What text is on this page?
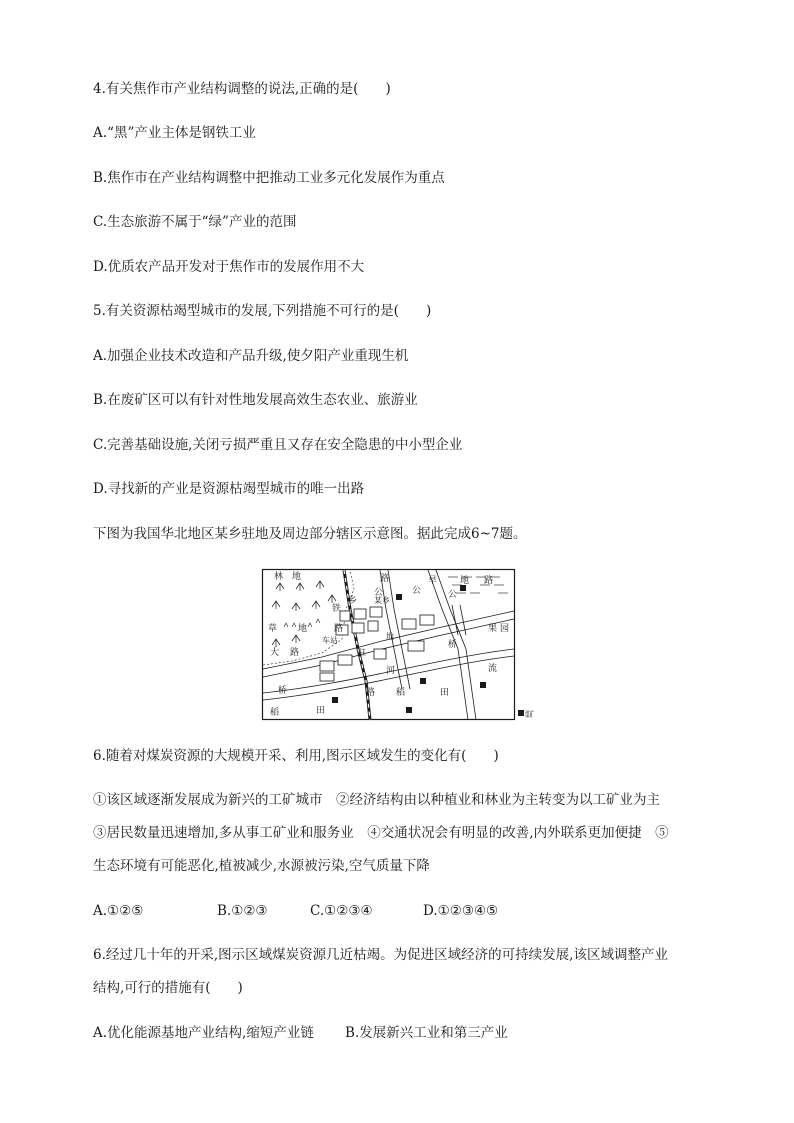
4.有关焦作市产业结构调整的说法,正确的是(　　)
A.“黑”产业主体是钢铁工业
B.焦作市在产业结构调整中把推动工业多元化发展作为重点
C.生态旅游不属于“绿”产业的范围
D.优质农产品开发对于焦作市的发展作用不大
5.有关资源枯竭型城市的发展,下列措施不可行的是(　　)
A.加强企业技术改造和产品升级,使夕阳产业重现生机
B.在废矿区可以有针对性地发展高效生态农业、旅游业
C.完善基础设施,关闭亏损严重且又存在安全隐患的中小型企业
D.寻找新的产业是资源枯竭型城市的唯一出路
下图为我国华北地区某乡驻地及周边部分辖区示意图。据此完成6~7题。
林　地
草 地
铁
路
车站
大 路
乡 某乡
路
公	公
旱	地
公
路
果 园
桥
桥
河	流
稻	田
路 稻	田
驻
地
煤矿
6.随着对煤炭资源的大规模开采、利用,图示区域发生的变化有(　　)
①该区域逐渐发展成为新兴的工矿城市　②经济结构由以种植业和林业为主转变为以工矿业为主
③居民数量迅速增加,多从事工矿业和服务业　④交通状况会有明显的改善,内外联系更加便捷　⑤
生态环境有可能恶化,植被减少,水源被污染,空气质量下降
A.①②⑤	B.①②③	C.①②③④	D.①②③④⑤
6.经过几十年的开采,图示区域煤炭资源几近枯竭。为促进区域经济的可持续发展,该区域调整产业
结构,可行的措施有(　　)
A.优化能源基地产业结构,缩短产业链 B.发展新兴工业和第三产业
